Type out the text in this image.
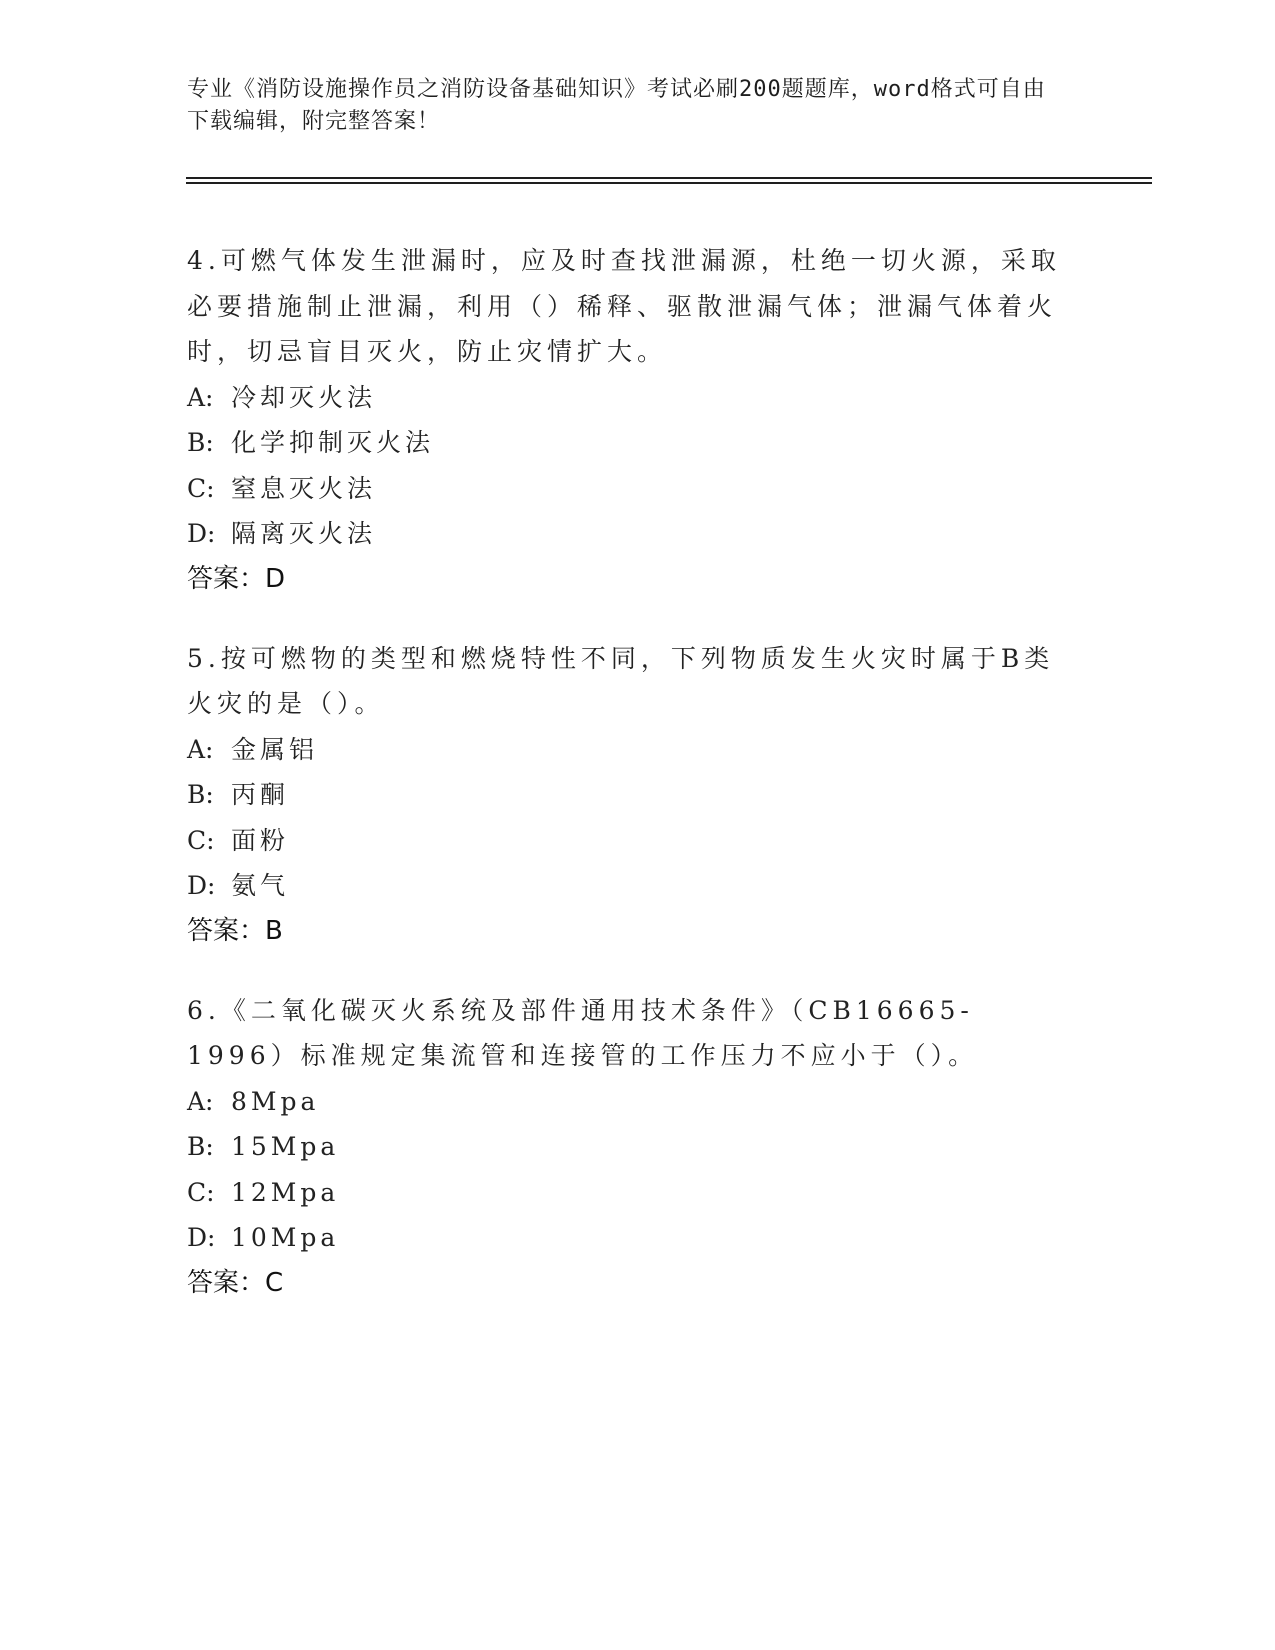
专业《消防设施操作员之消防设备基础知识》考试必刷200题题库，word格式可自由下载编辑，附完整答案！
4.可燃气体发生泄漏时，应及时查找泄漏源，杜绝一切火源，采取必要措施制止泄漏，利用（）稀释、驱散泄漏气体；泄漏气体着火时，切忌盲目灭火，防止灾情扩大。
A: 冷却灭火法
B: 化学抑制灭火法
C: 窒息灭火法
D: 隔离灭火法
答案：D
5.按可燃物的类型和燃烧特性不同，下列物质发生火灾时属于B类火灾的是（）。
A: 金属铝
B: 丙酮
C: 面粉
D: 氨气
答案：B
6.《二氧化碳灭火系统及部件通用技术条件》（CB16665-1996）标准规定集流管和连接管的工作压力不应小于（）。
A: 8Mpa
B: 15Mpa
C: 12Mpa
D: 10Mpa
答案：C
